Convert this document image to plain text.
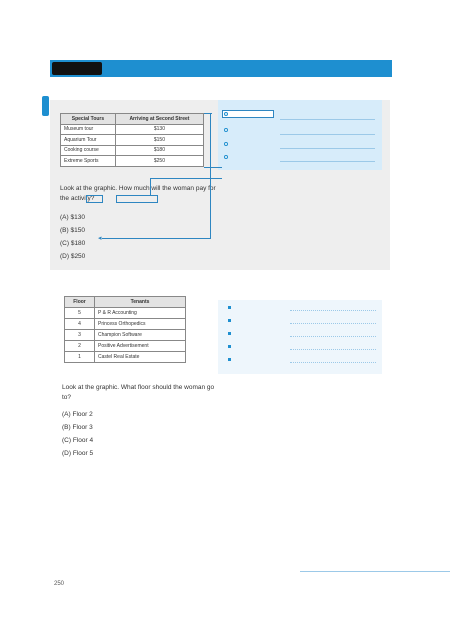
Special Tours	Arriving at Second Street
Museum tour	$130
Aquarium Tour	$150
Cooking course	$180
Extreme Sports	$250
Look at the graphic. How much will the woman pay for the activity?
(A) $130
(B) $150
(C) $180
(D) $250
◂
Floor	Tenants
5	P & R Accounting
4	Princess Orthopedics
3	Champion Software
2	Positive Advertisement
1	Castel Real Estate
Look at the graphic. What floor should the woman go to?
(A) Floor 2
(B) Floor 3
(C) Floor 4
(D) Floor 5
250
